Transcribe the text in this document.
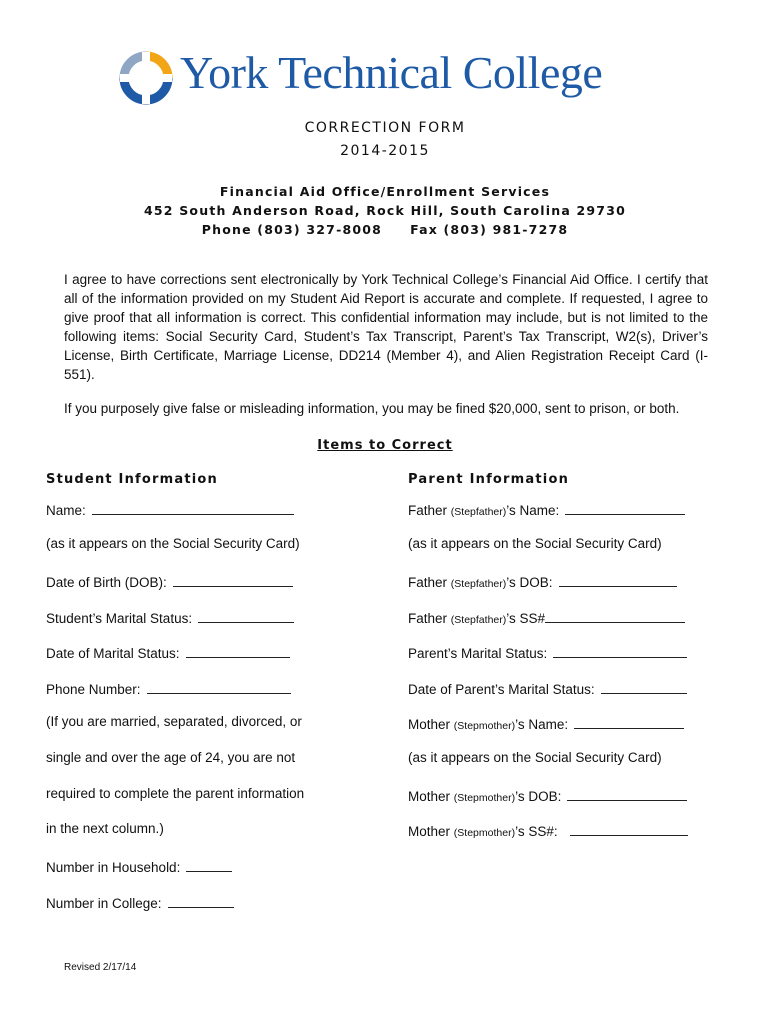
York Technical College
CORRECTION FORM
2014-2015
Financial Aid Office/Enrollment Services
452 South Anderson Road, Rock Hill, South Carolina 29730
Phone (803) 327-8008 Fax (803) 981-7278
I agree to have corrections sent electronically by York Technical College’s Financial Aid Office. I certify that all of the information provided on my Student Aid Report is accurate and complete. If requested, I agree to give proof that all information is correct. This confidential information may include, but is not limited to the following items: Social Security Card, Student’s Tax Transcript, Parent’s Tax Transcript, W2(s), Driver’s License, Birth Certificate, Marriage License, DD214 (Member 4), and Alien Registration Receipt Card (I-551).
If you purposely give false or misleading information, you may be fined $20,000, sent to prison, or both.
Items to Correct
Student Information	Parent Information
Name:
(as it appears on the Social Security Card)
Date of Birth (DOB):
Student’s Marital Status:
Date of Marital Status:
Phone Number:
(If you are married, separated, divorced, or
single and over the age of 24, you are not
required to complete the parent information
in the next column.)
Number in Household:
Number in College:
Father
(Stepfather) ’s Name:
(as it appears on the Social Security Card)
Father
(Stepfather) ’s DOB:
Father
(Stepfather) ’s SS#
Parent’s Marital Status:
Date of Parent’s Marital Status:
Mother
(Stepmother) ’s Name:
(as it appears on the Social Security Card)
Mother
(Stepmother) ’s DOB:
Mother
(Stepmother) ’s SS#:
Revised 2/17/14
